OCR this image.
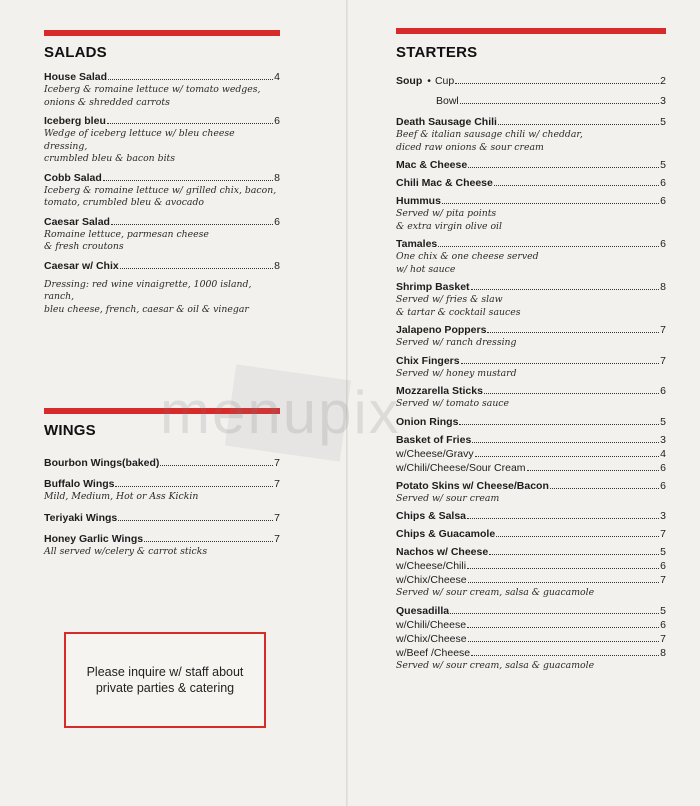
SALADS
House Salad	4
Iceberg & romaine lettuce w/ tomato wedges,
onions & shredded carrots
Iceberg bleu	6
Wedge of iceberg lettuce w/ bleu cheese dressing,
crumbled bleu & bacon bits
Cobb Salad	8
Iceberg & romaine lettuce w/ grilled chix, bacon,
tomato, crumbled bleu & avocado
Caesar Salad	6
Romaine lettuce, parmesan cheese
& fresh croutons
Caesar w/ Chix	8
Dressing: red wine vinaigrette, 1000 island, ranch,
bleu cheese, french, caesar & oil & vinegar
WINGS
Bourbon Wings(baked)	7
Buffalo Wings	7
Mild, Medium, Hot or Ass Kickin
Teriyaki Wings	7
Honey Garlic Wings	7
All served w/celery & carrot sticks
Please inquire w/ staff about private parties & catering
STARTERS
Soup • Cup	2
Bowl	3
Death Sausage Chili	5
Beef & italian sausage chili w/ cheddar,
diced raw onions & sour cream
Mac & Cheese	5
Chili Mac & Cheese	6
Hummus	6
Served w/ pita points
& extra virgin olive oil
Tamales	6
One chix & one cheese served
w/ hot sauce
Shrimp Basket	8
Served w/ fries & slaw
& tartar & cocktail sauces
Jalapeno Poppers	7
Served w/ ranch dressing
Chix Fingers	7
Served w/ honey mustard
Mozzarella Sticks	6
Served w/ tomato sauce
Onion Rings	5
Basket of Fries	3
w/Cheese/Gravy	4
w/Chili/Cheese/Sour Cream	6
Potato Skins w/ Cheese/Bacon	6
Served w/ sour cream
Chips & Salsa	3
Chips & Guacamole	7
Nachos w/ Cheese	5
w/Cheese/Chili	6
w/Chix/Cheese	7
Served w/ sour cream, salsa & guacamole
Quesadilla	5
w/Chili/Cheese	6
w/Chix/Cheese	7
w/Beef /Cheese	8
Served w/ sour cream, salsa & guacamole
menupix
